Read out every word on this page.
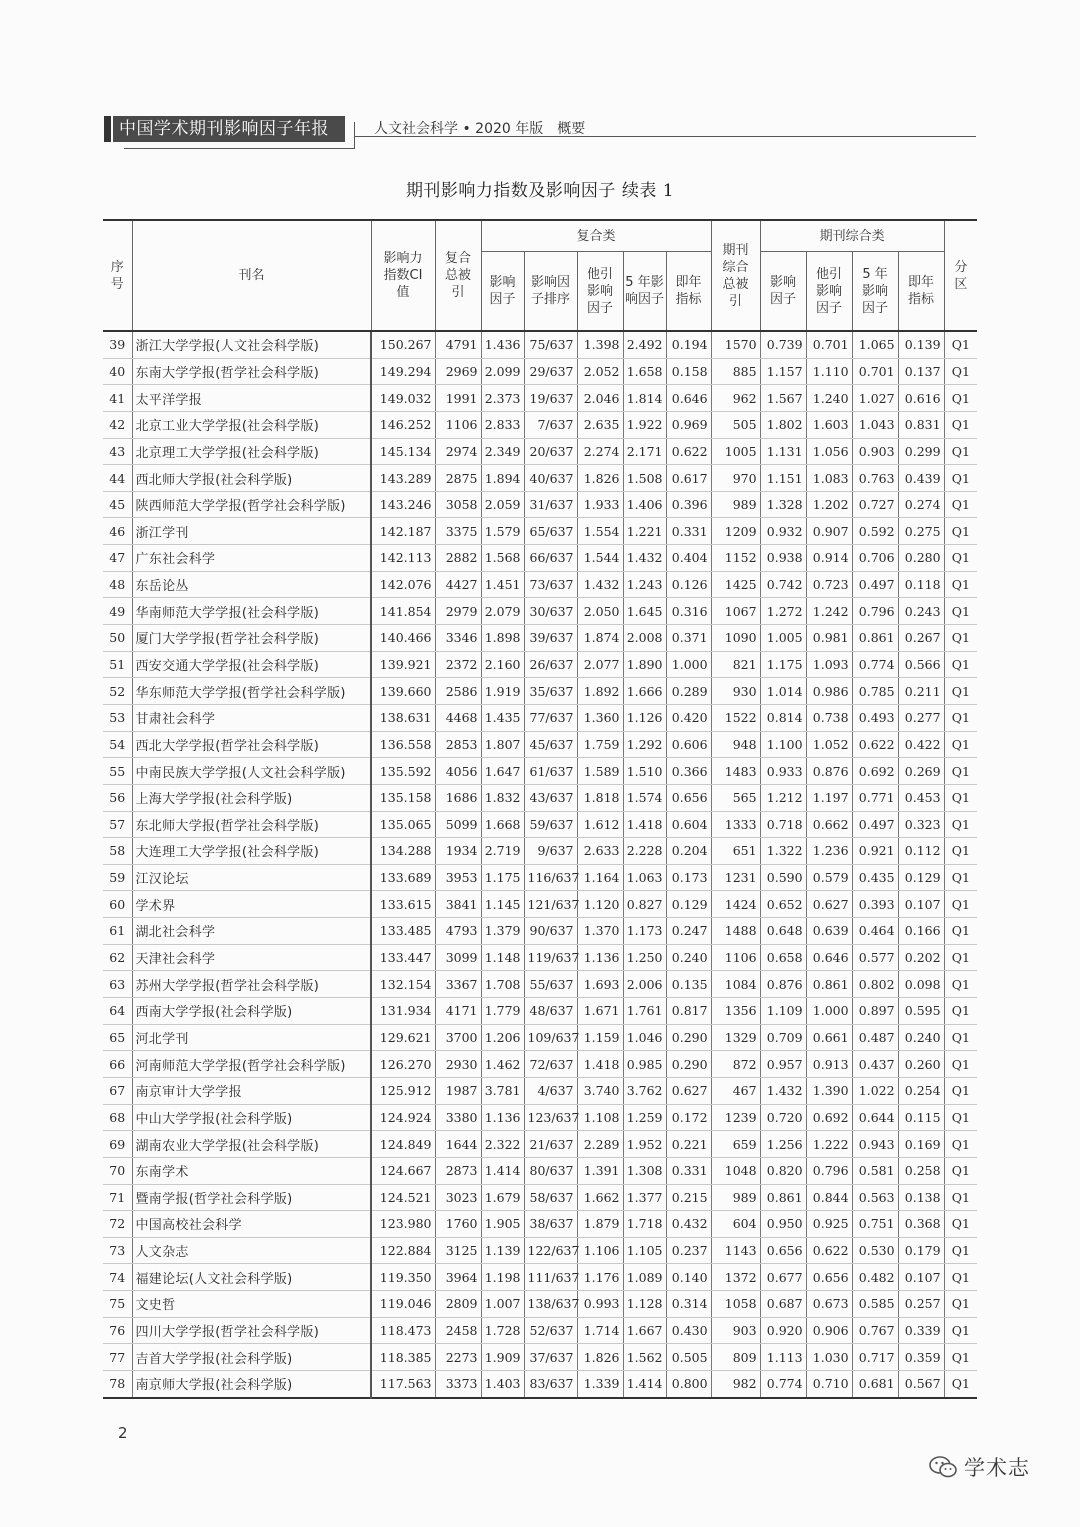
中国学术期刊影响因子年报	人文社会科学 • 2020 年版　概要
期刊影响力指数及影响因子 续表 1
序号	刊名	影响力指数CI 值	复合总被引	复合类					期刊综合总被引	期刊综合类				分区
				影响因子	影响因子排序	他引影响因子	5 年影响因子	即年指标		影响因子	他引影响因子	5 年影响因子	即年指标	
39	浙江大学学报(人文社会科学版)	150.267	4791	1.436	75/637	1.398	2.492	0.194	1570	0.739	0.701	1.065	0.139	Q1
40	东南大学学报(哲学社会科学版)	149.294	2969	2.099	29/637	2.052	1.658	0.158	885	1.157	1.110	0.701	0.137	Q1
41	太平洋学报	149.032	1991	2.373	19/637	2.046	1.814	0.646	962	1.567	1.240	1.027	0.616	Q1
42	北京工业大学学报(社会科学版)	146.252	1106	2.833	7/637	2.635	1.922	0.969	505	1.802	1.603	1.043	0.831	Q1
43	北京理工大学学报(社会科学版)	145.134	2974	2.349	20/637	2.274	2.171	0.622	1005	1.131	1.056	0.903	0.299	Q1
44	西北师大学报(社会科学版)	143.289	2875	1.894	40/637	1.826	1.508	0.617	970	1.151	1.083	0.763	0.439	Q1
45	陕西师范大学学报(哲学社会科学版)	143.246	3058	2.059	31/637	1.933	1.406	0.396	989	1.328	1.202	0.727	0.274	Q1
46	浙江学刊	142.187	3375	1.579	65/637	1.554	1.221	0.331	1209	0.932	0.907	0.592	0.275	Q1
47	广东社会科学	142.113	2882	1.568	66/637	1.544	1.432	0.404	1152	0.938	0.914	0.706	0.280	Q1
48	东岳论丛	142.076	4427	1.451	73/637	1.432	1.243	0.126	1425	0.742	0.723	0.497	0.118	Q1
49	华南师范大学学报(社会科学版)	141.854	2979	2.079	30/637	2.050	1.645	0.316	1067	1.272	1.242	0.796	0.243	Q1
50	厦门大学学报(哲学社会科学版)	140.466	3346	1.898	39/637	1.874	2.008	0.371	1090	1.005	0.981	0.861	0.267	Q1
51	西安交通大学学报(社会科学版)	139.921	2372	2.160	26/637	2.077	1.890	1.000	821	1.175	1.093	0.774	0.566	Q1
52	华东师范大学学报(哲学社会科学版)	139.660	2586	1.919	35/637	1.892	1.666	0.289	930	1.014	0.986	0.785	0.211	Q1
53	甘肃社会科学	138.631	4468	1.435	77/637	1.360	1.126	0.420	1522	0.814	0.738	0.493	0.277	Q1
54	西北大学学报(哲学社会科学版)	136.558	2853	1.807	45/637	1.759	1.292	0.606	948	1.100	1.052	0.622	0.422	Q1
55	中南民族大学学报(人文社会科学版)	135.592	4056	1.647	61/637	1.589	1.510	0.366	1483	0.933	0.876	0.692	0.269	Q1
56	上海大学学报(社会科学版)	135.158	1686	1.832	43/637	1.818	1.574	0.656	565	1.212	1.197	0.771	0.453	Q1
57	东北师大学报(哲学社会科学版)	135.065	5099	1.668	59/637	1.612	1.418	0.604	1333	0.718	0.662	0.497	0.323	Q1
58	大连理工大学学报(社会科学版)	134.288	1934	2.719	9/637	2.633	2.228	0.204	651	1.322	1.236	0.921	0.112	Q1
59	江汉论坛	133.689	3953	1.175	116/637	1.164	1.063	0.173	1231	0.590	0.579	0.435	0.129	Q1
60	学术界	133.615	3841	1.145	121/637	1.120	0.827	0.129	1424	0.652	0.627	0.393	0.107	Q1
61	湖北社会科学	133.485	4793	1.379	90/637	1.370	1.173	0.247	1488	0.648	0.639	0.464	0.166	Q1
62	天津社会科学	133.447	3099	1.148	119/637	1.136	1.250	0.240	1106	0.658	0.646	0.577	0.202	Q1
63	苏州大学学报(哲学社会科学版)	132.154	3367	1.708	55/637	1.693	2.006	0.135	1084	0.876	0.861	0.802	0.098	Q1
64	西南大学学报(社会科学版)	131.934	4171	1.779	48/637	1.671	1.761	0.817	1356	1.109	1.000	0.897	0.595	Q1
65	河北学刊	129.621	3700	1.206	109/637	1.159	1.046	0.290	1329	0.709	0.661	0.487	0.240	Q1
66	河南师范大学学报(哲学社会科学版)	126.270	2930	1.462	72/637	1.418	0.985	0.290	872	0.957	0.913	0.437	0.260	Q1
67	南京审计大学学报	125.912	1987	3.781	4/637	3.740	3.762	0.627	467	1.432	1.390	1.022	0.254	Q1
68	中山大学学报(社会科学版)	124.924	3380	1.136	123/637	1.108	1.259	0.172	1239	0.720	0.692	0.644	0.115	Q1
69	湖南农业大学学报(社会科学版)	124.849	1644	2.322	21/637	2.289	1.952	0.221	659	1.256	1.222	0.943	0.169	Q1
70	东南学术	124.667	2873	1.414	80/637	1.391	1.308	0.331	1048	0.820	0.796	0.581	0.258	Q1
71	暨南学报(哲学社会科学版)	124.521	3023	1.679	58/637	1.662	1.377	0.215	989	0.861	0.844	0.563	0.138	Q1
72	中国高校社会科学	123.980	1760	1.905	38/637	1.879	1.718	0.432	604	0.950	0.925	0.751	0.368	Q1
73	人文杂志	122.884	3125	1.139	122/637	1.106	1.105	0.237	1143	0.656	0.622	0.530	0.179	Q1
74	福建论坛(人文社会科学版)	119.350	3964	1.198	111/637	1.176	1.089	0.140	1372	0.677	0.656	0.482	0.107	Q1
75	文史哲	119.046	2809	1.007	138/637	0.993	1.128	0.314	1058	0.687	0.673	0.585	0.257	Q1
76	四川大学学报(哲学社会科学版)	118.473	2458	1.728	52/637	1.714	1.667	0.430	903	0.920	0.906	0.767	0.339	Q1
77	吉首大学学报(社会科学版)	118.385	2273	1.909	37/637	1.826	1.562	0.505	809	1.113	1.030	0.717	0.359	Q1
78	南京师大学报(社会科学版)	117.563	3373	1.403	83/637	1.339	1.414	0.800	982	0.774	0.710	0.681	0.567	Q1
2
学术志
